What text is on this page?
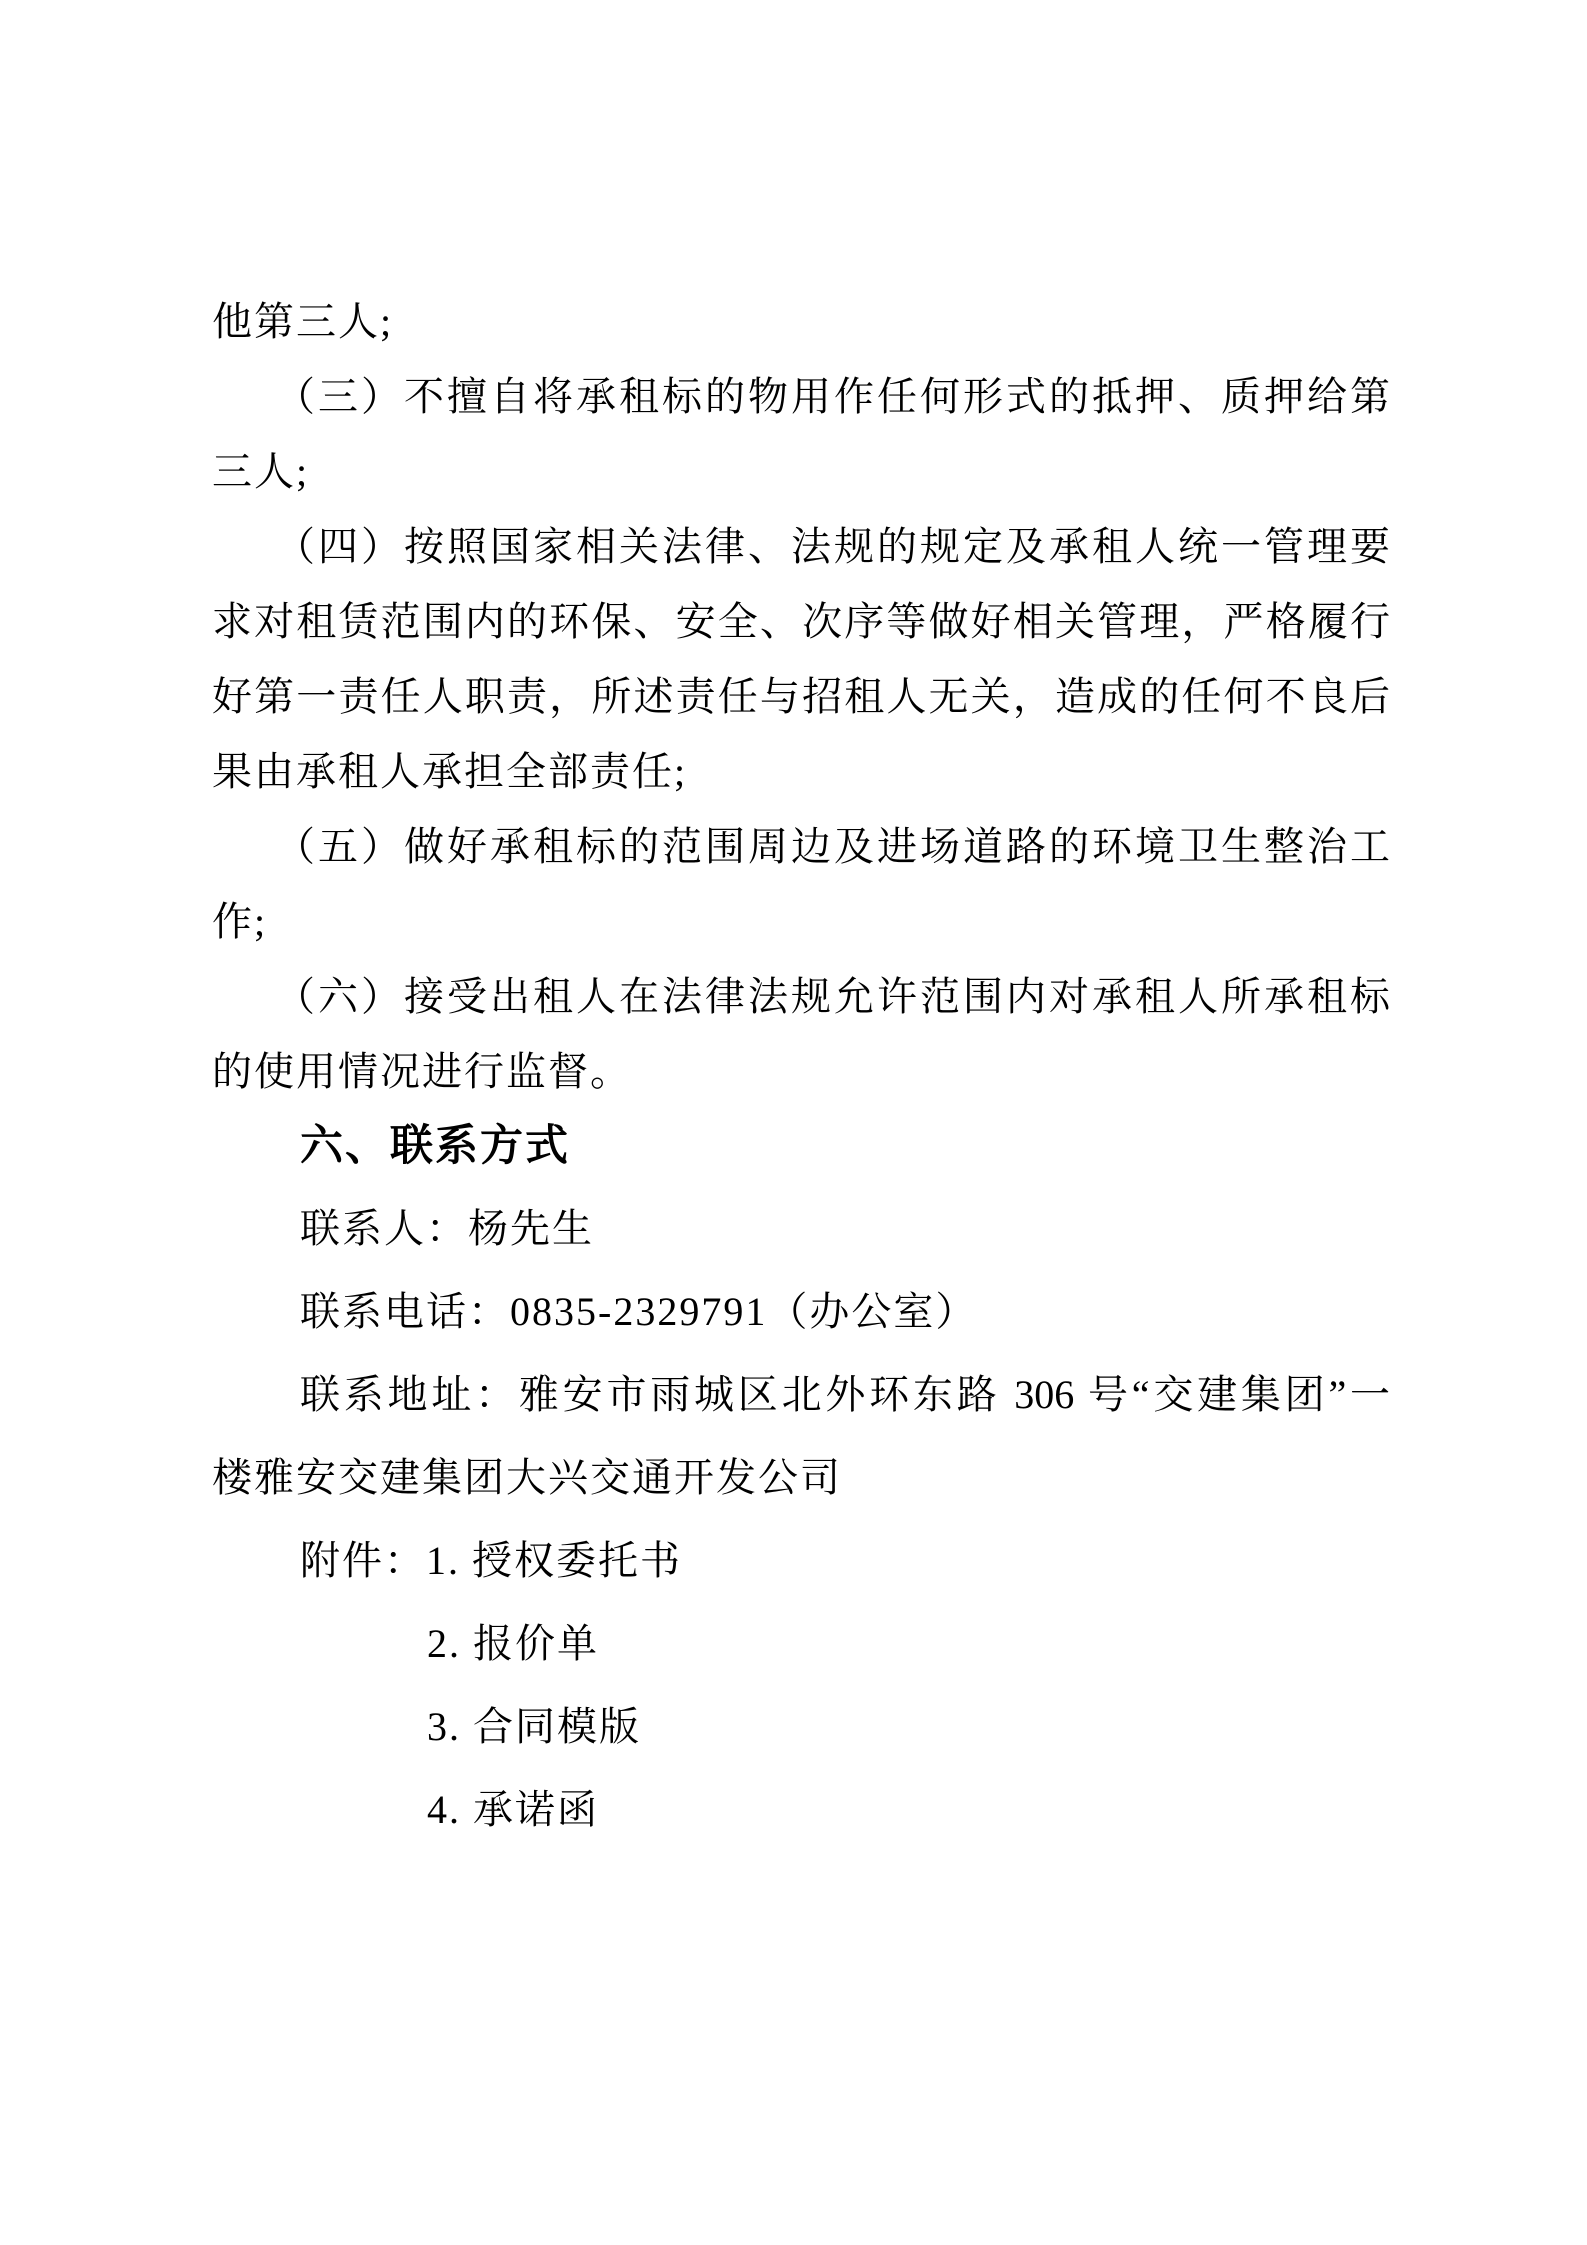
他第三人;
（三）不擅自将承租标的物用作任何形式的抵押、质押给第
三人;
（四）按照国家相关法律、法规的规定及承租人统一管理要
求对租赁范围内的环保、安全、次序等做好相关管理，严格履行
好第一责任人职责，所述责任与招租人无关，造成的任何不良后
果由承租人承担全部责任;
（五）做好承租标的范围周边及进场道路的环境卫生整治工
作;
（六）接受出租人在法律法规允许范围内对承租人所承租标
的使用情况进行监督。
六、联系方式
联系人：杨先生
联系电话：0835-2329791（办公室）
联系地址：雅安市雨城区北外环东路 306 号“交建集团”一
楼雅安交建集团大兴交通开发公司
附件：1. 授权委托书
2. 报价单
3. 合同模版
4. 承诺函
